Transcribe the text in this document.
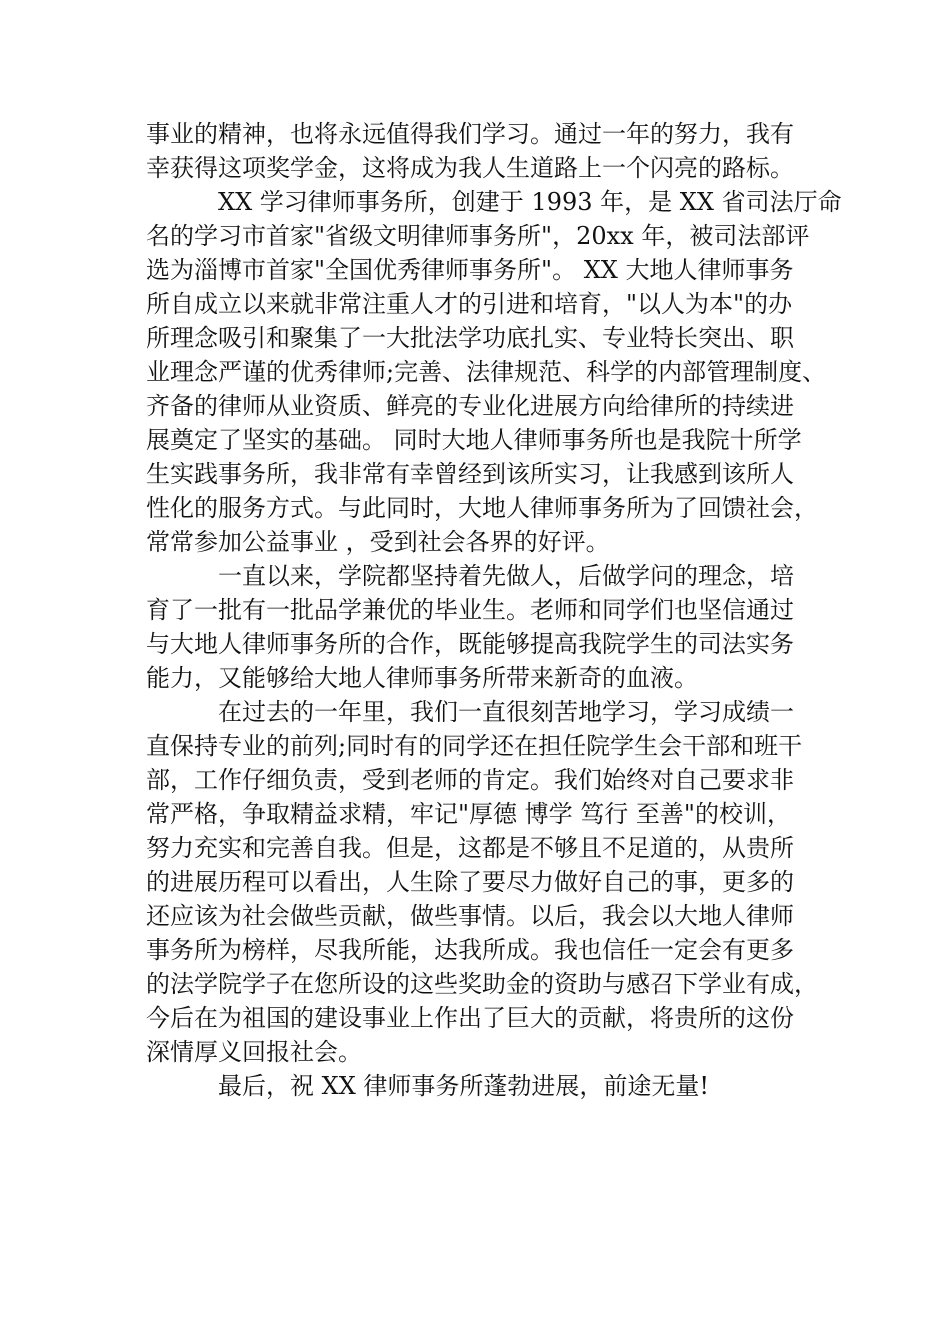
事业的精神，也将永远值得我们学习。通过一年的努力，我有
幸获得这项奖学金，这将成为我人生道路上一个闪亮的路标。
XX 学习律师事务所，创建于 1993 年，是 XX 省司法厅命
名的学习市首家"省级文明律师事务所"，20xx 年，被司法部评
选为淄博市首家"全国优秀律师事务所"。 XX 大地人律师事务
所自成立以来就非常注重人才的引进和培育，"以人为本"的办
所理念吸引和聚集了一大批法学功底扎实、专业特长突出、职
业理念严谨的优秀律师;完善、法律规范、科学的内部管理制度、
齐备的律师从业资质、鲜亮的专业化进展方向给律所的持续进
展奠定了坚实的基础。 同时大地人律师事务所也是我院十所学
生实践事务所，我非常有幸曾经到该所实习，让我感到该所人
性化的服务方式。与此同时，大地人律师事务所为了回馈社会，
常常参加公益事业 ，受到社会各界的好评。
一直以来，学院都坚持着先做人，后做学问的理念，培
育了一批有一批品学兼优的毕业生。老师和同学们也坚信通过
与大地人律师事务所的合作，既能够提高我院学生的司法实务
能力，又能够给大地人律师事务所带来新奇的血液。
在过去的一年里，我们一直很刻苦地学习，学习成绩一
直保持专业的前列;同时有的同学还在担任院学生会干部和班干
部，工作仔细负责，受到老师的肯定。我们始终对自己要求非
常严格，争取精益求精，牢记"厚德 博学 笃行 至善"的校训，
努力充实和完善自我。但是，这都是不够且不足道的，从贵所
的进展历程可以看出，人生除了要尽力做好自己的事，更多的
还应该为社会做些贡献，做些事情。以后，我会以大地人律师
事务所为榜样，尽我所能，达我所成。我也信任一定会有更多
的法学院学子在您所设的这些奖助金的资助与感召下学业有成，
今后在为祖国的建设事业上作出了巨大的贡献，将贵所的这份
深情厚义回报社会。
最后，祝 XX 律师事务所蓬勃进展，前途无量!
